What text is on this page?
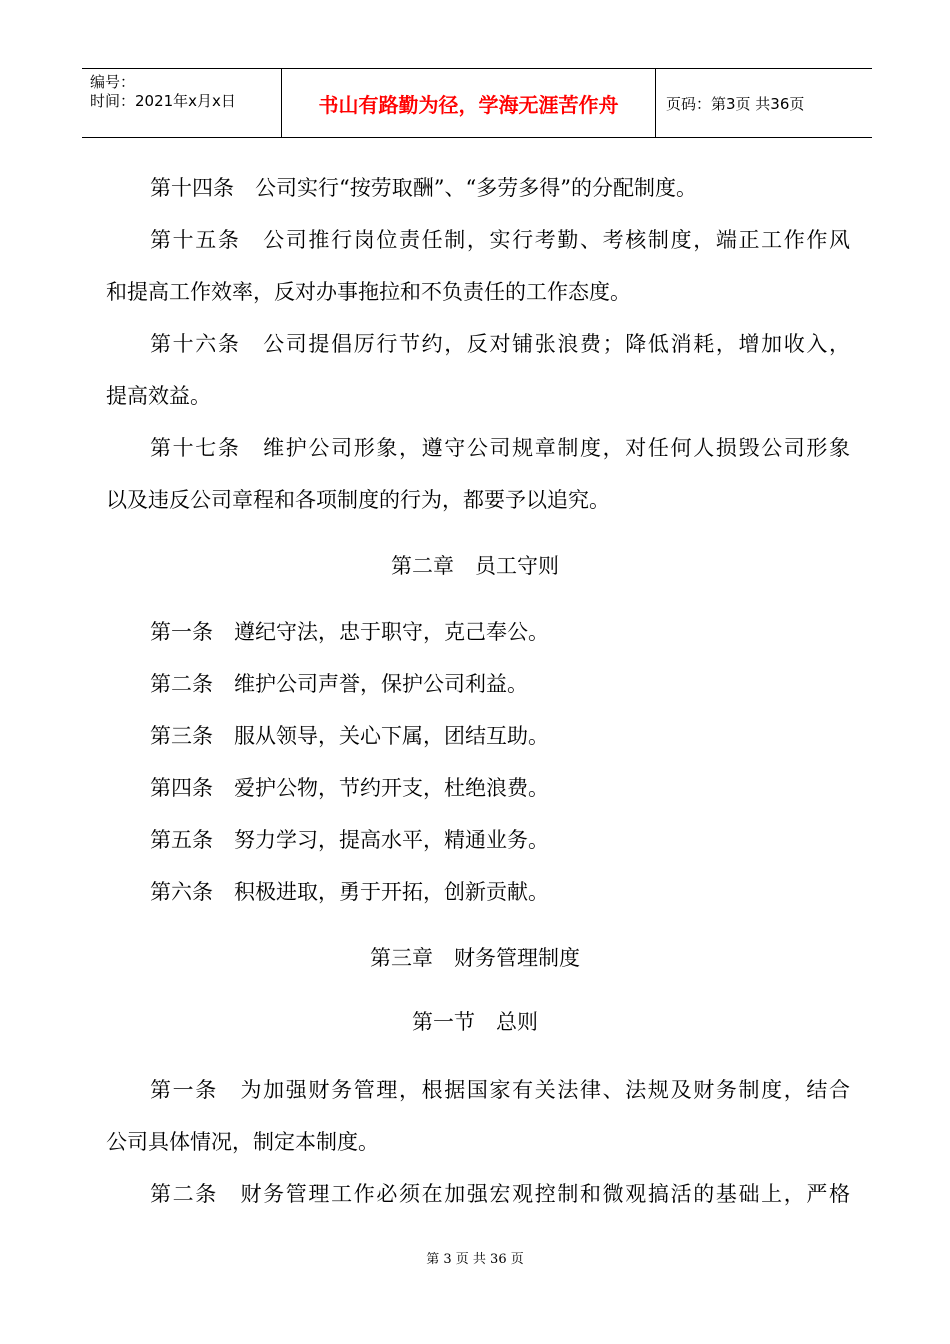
编号：
时间：2021年x月x日	书山有路勤为径，学海无涯苦作舟	页码：第3页 共36页
第十四条　公司实行“按劳取酬”、“多劳多得”的分配制度。
第十五条　公司推行岗位责任制，实行考勤、考核制度，端正工作作风
和提高工作效率，反对办事拖拉和不负责任的工作态度。
第十六条　公司提倡厉行节约，反对铺张浪费；降低消耗，增加收入，
提高效益。
第十七条　维护公司形象，遵守公司规章制度，对任何人损毁公司形象
以及违反公司章程和各项制度的行为，都要予以追究。
第二章　员工守则
第一条　遵纪守法，忠于职守，克己奉公。
第二条　维护公司声誉，保护公司利益。
第三条　服从领导，关心下属，团结互助。
第四条　爱护公物，节约开支，杜绝浪费。
第五条　努力学习，提高水平，精通业务。
第六条　积极进取，勇于开拓，创新贡献。
第三章　财务管理制度
第一节　总则
第一条　为加强财务管理，根据国家有关法律、法规及财务制度，结合
公司具体情况，制定本制度。
第二条　财务管理工作必须在加强宏观控制和微观搞活的基础上，严格
第 3 页 共 36 页
